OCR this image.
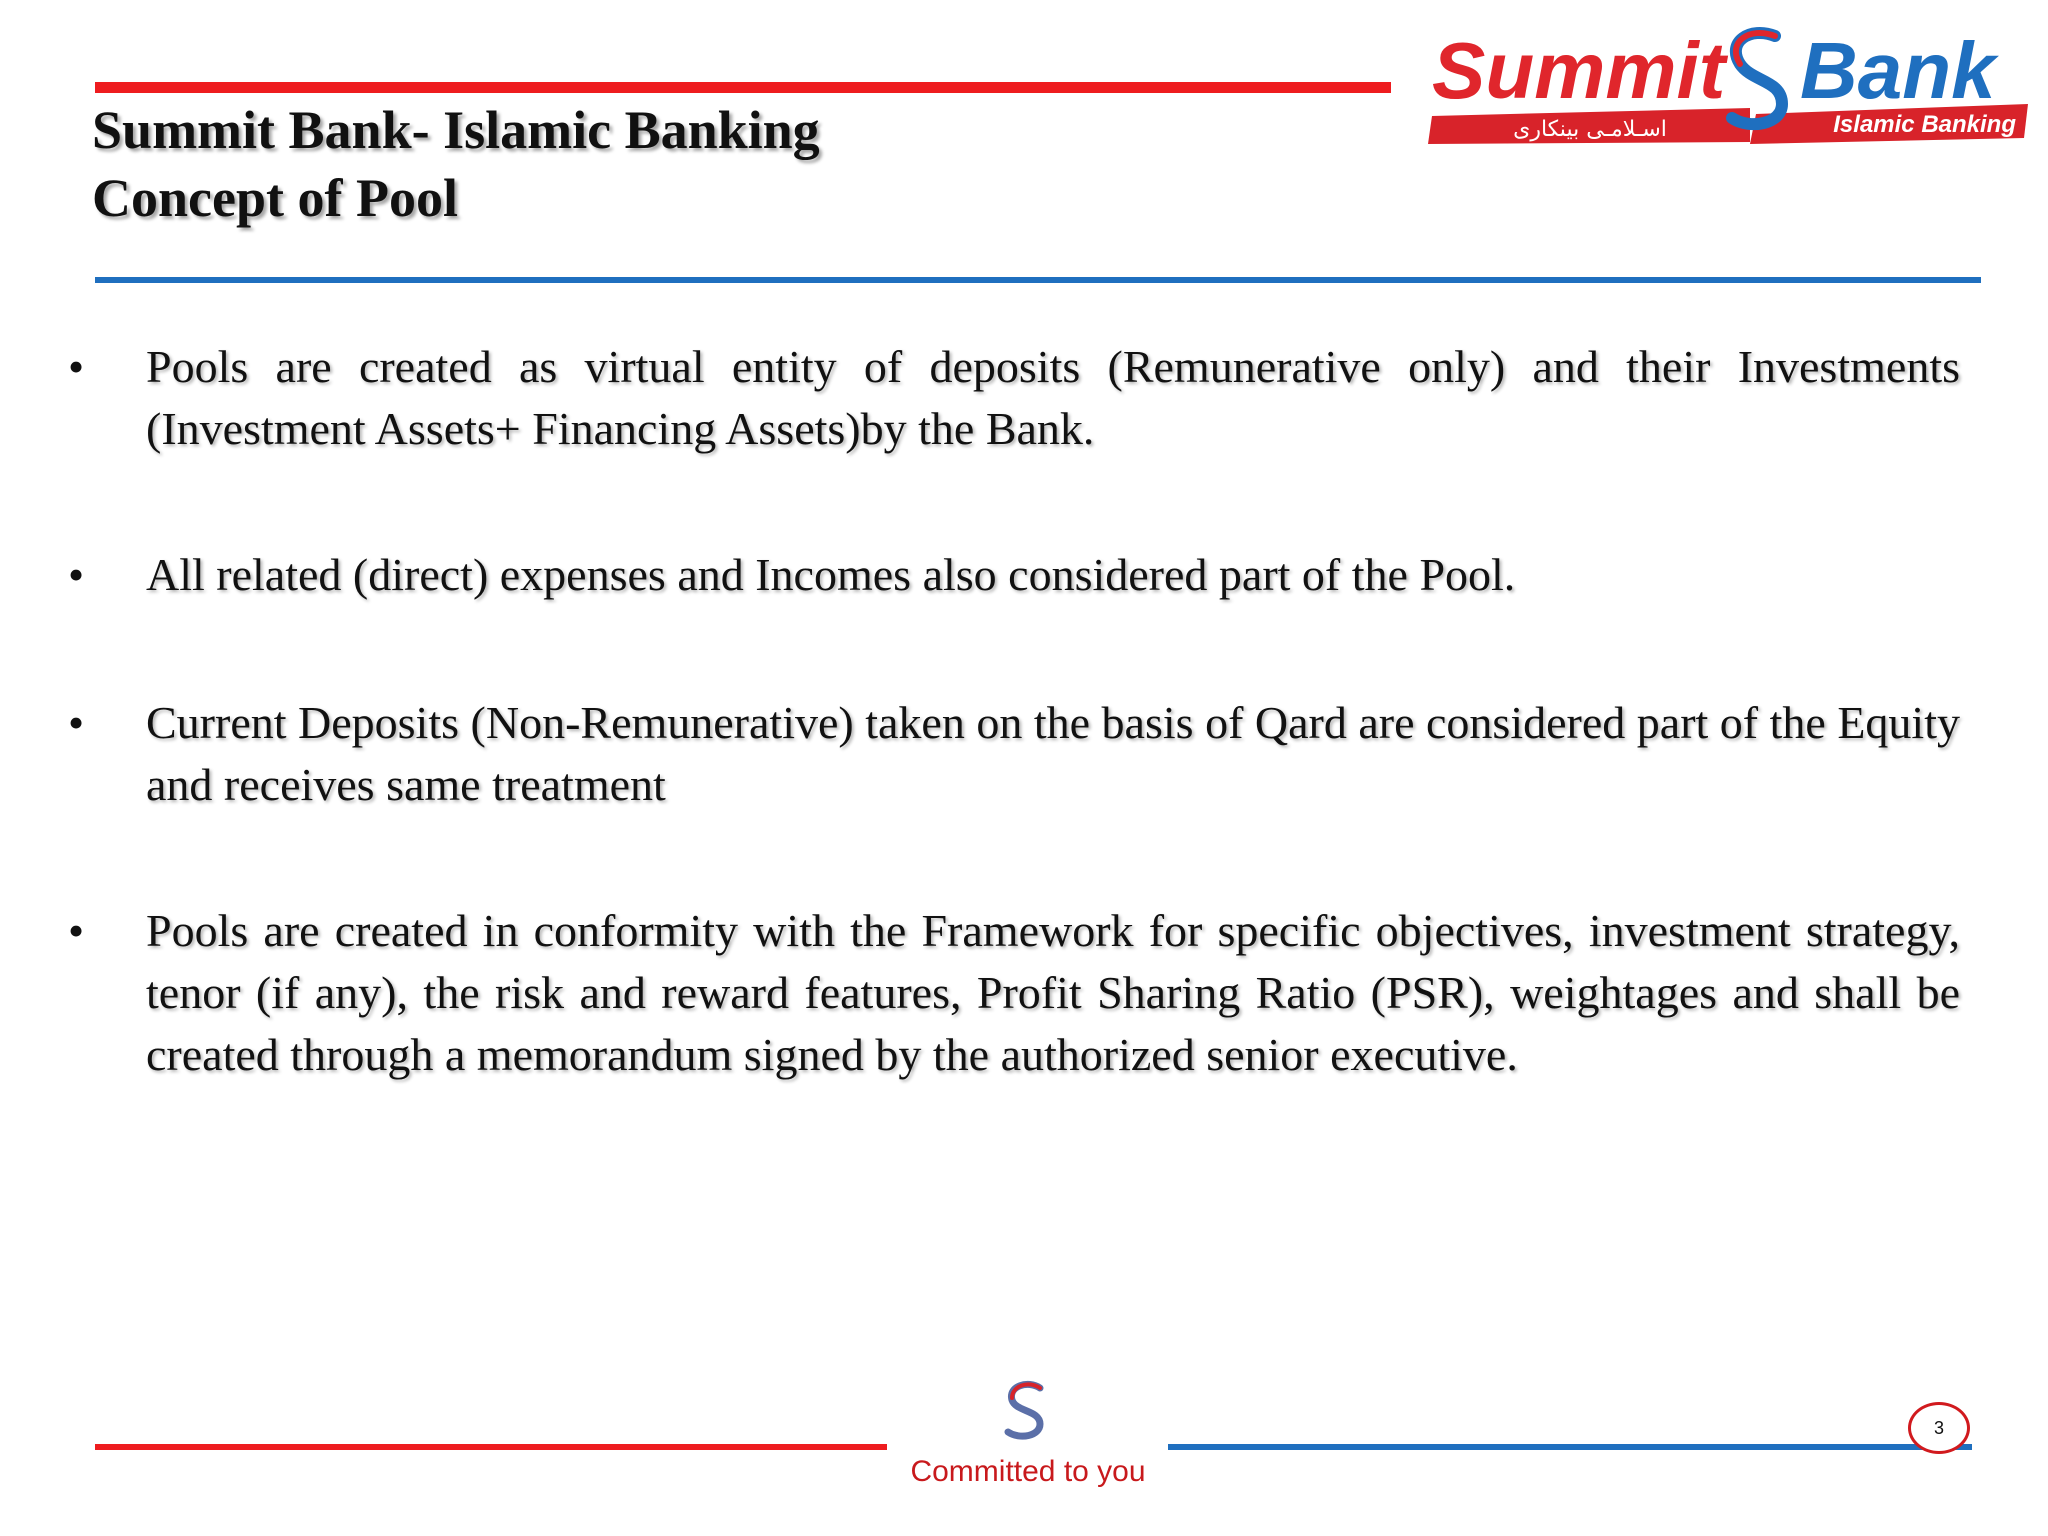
Summit Bank- Islamic Banking
Concept of Pool
Summit Bank
اسـلامـی بینکاری	Islamic Banking
• Pools are created as virtual entity of deposits (Remunerative only) and their Investments (Investment Assets+ Financing Assets)by the Bank.
• All related (direct) expenses and Incomes also considered part of the Pool.
• Current Deposits (Non-Remunerative) taken on the basis of Qard are considered part of the Equity and receives same treatment
• Pools are created in conformity with the Framework for specific objectives, investment strategy, tenor (if any), the risk and reward features, Profit Sharing Ratio (PSR), weightages and shall be created through a memorandum signed by the authorized senior executive.
Committed to you
3
